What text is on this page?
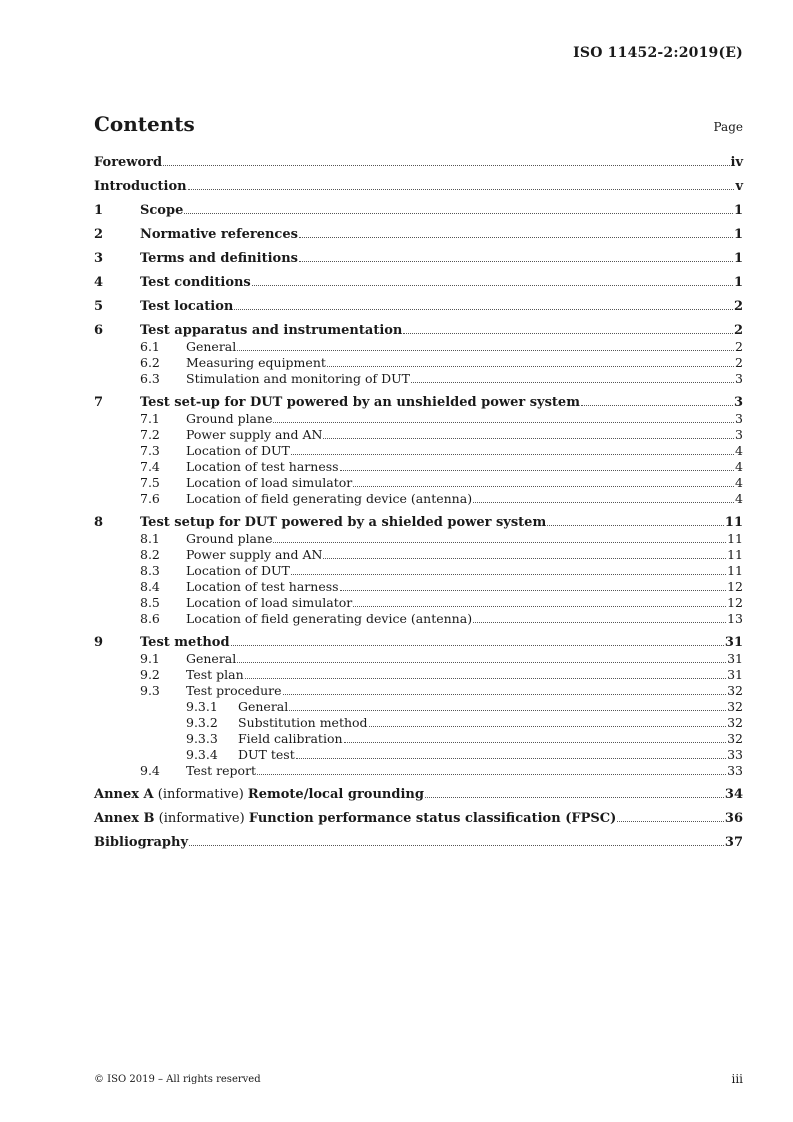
ISO 11452-2:2019(E)
Contents	Page
Foreword	iv
Introduction	v
1	Scope	1
2	Normative references	1
3	Terms and definitions	1
4	Test conditions	1
5	Test location	2
6	Test apparatus and instrumentation	2
6.1	General	2
6.2	Measuring equipment	2
6.3	Stimulation and monitoring of DUT	3
7	Test set-up for DUT powered by an unshielded power system	3
7.1	Ground plane	3
7.2	Power supply and AN	3
7.3	Location of DUT	4
7.4	Location of test harness	4
7.5	Location of load simulator	4
7.6	Location of field generating device (antenna)	4
8	Test setup for DUT powered by a shielded power system	11
8.1	Ground plane	11
8.2	Power supply and AN	11
8.3	Location of DUT	11
8.4	Location of test harness	12
8.5	Location of load simulator	12
8.6	Location of field generating device (antenna)	13
9	Test method	31
9.1	General	31
9.2	Test plan	31
9.3	Test procedure	32
9.3.1	General	32
9.3.2	Substitution method	32
9.3.3	Field calibration	32
9.3.4	DUT test	33
9.4	Test report	33
Annex A (informative) Remote/local grounding	34
Annex B (informative) Function performance status classification (FPSC)	36
Bibliography	37
© ISO 2019 – All rights reserved	iii
